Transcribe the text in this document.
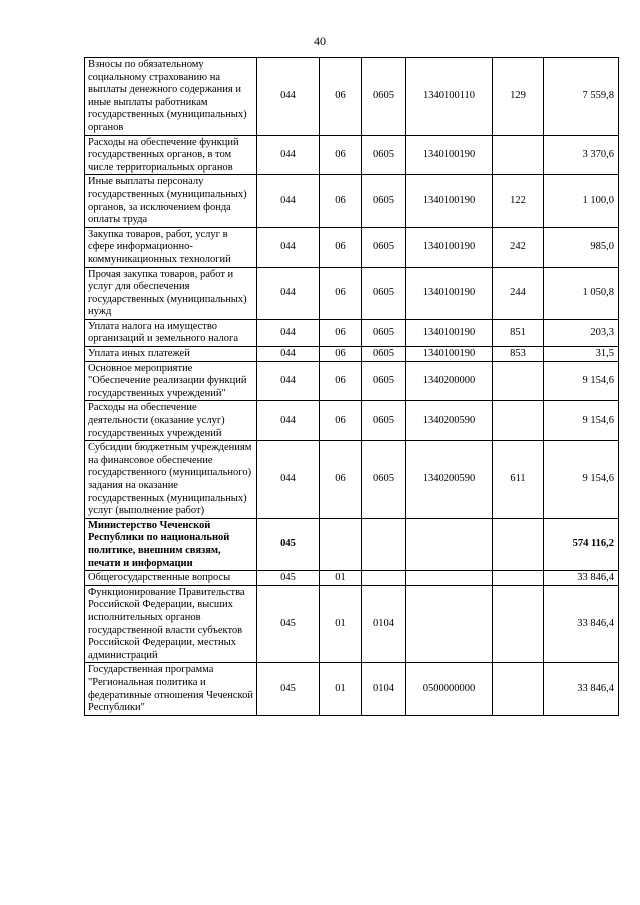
40
Взносы по обязательному социальному страхованию на выплаты денежного содержания и иные выплаты работникам государственных (муниципальных) органов	044	06	0605	1340100110	129	7 559,8
Расходы на обеспечение функций государственных органов, в том числе территориальных органов	044	06	0605	1340100190		3 370,6
Иные выплаты персоналу государственных (муниципальных) органов, за исключением фонда оплаты труда	044	06	0605	1340100190	122	1 100,0
Закупка товаров, работ, услуг в сфере информационно-коммуникационных технологий	044	06	0605	1340100190	242	985,0
Прочая закупка товаров, работ и услуг для обеспечения государственных (муниципальных) нужд	044	06	0605	1340100190	244	1 050,8
Уплата налога на имущество организаций и земельного налога	044	06	0605	1340100190	851	203,3
Уплата иных платежей	044	06	0605	1340100190	853	31,5
Основное мероприятие "Обеспечение реализации функций государственных учреждений"	044	06	0605	1340200000		9 154,6
Расходы на обеспечение деятельности (оказание услуг) государственных учреждений	044	06	0605	1340200590		9 154,6
Субсидии бюджетным учреждениям на финансовое обеспечение государственного (муниципального) задания на оказание государственных (муниципальных) услуг (выполнение работ)	044	06	0605	1340200590	611	9 154,6
Министерство Чеченской Республики по национальной политике, внешним связям, печати и информации	045					574 116,2
Общегосударственные вопросы	045	01				33 846,4
Функционирование Правительства Российской Федерации, высших исполнительных органов государственной власти субъектов Российской Федерации, местных администраций	045	01	0104			33 846,4
Государственная программа "Региональная политика и федеративные отношения Чеченской Республики"	045	01	0104	0500000000		33 846,4
